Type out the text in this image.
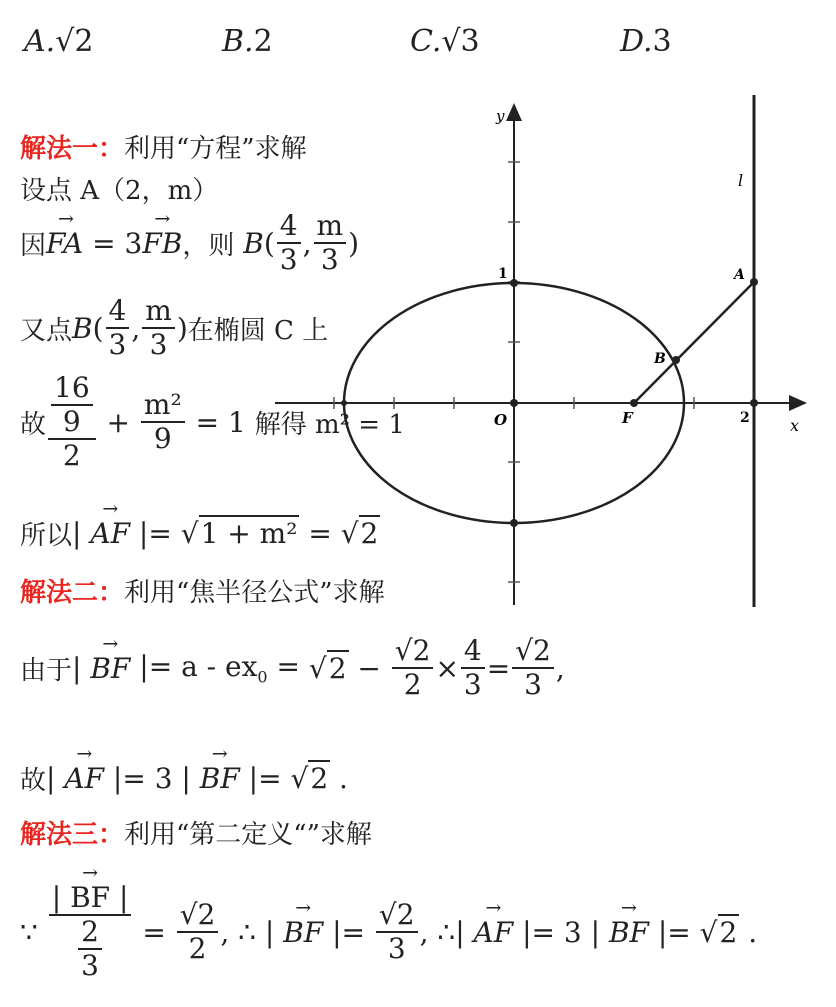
A.√2	B.2	C.√3	D.3
y
x
O	F
A
B
l
1
2
解法一：利用“方程”求解
设点 A（2，m）
因 → FA = 3 → FB ，则 B ( $\frac{4}{3}$ , $\frac{m}{3}$ )
又点 B ( $\frac{4}{3}$ , $\frac{m}{3}$ ) 在椭圆 C 上
故 $\frac{\frac{16}{9}}{2} + \frac{\text{m²}}{9} = 1$ 解得 m² = 1
所以 | → AF |= √1 + m² = √2
解法二：利用“焦半径公式”求解
由于 | → BF |= $a - ex_0 = √2 - \frac{√2}{2} \times \frac{4}{3} = \frac{√2}{3}$ ,
故 | → AF |= 3 | → BF |= √2 .
解法三：利用“第二定义“”求解
∵ $\frac{| \to BF |}{\frac{2}{3}} = \frac{√2}{2}$ , ∴ | → BF |= $\frac{√2}{3}$ , ∴| → AF |= 3 | → BF |= √2 .
